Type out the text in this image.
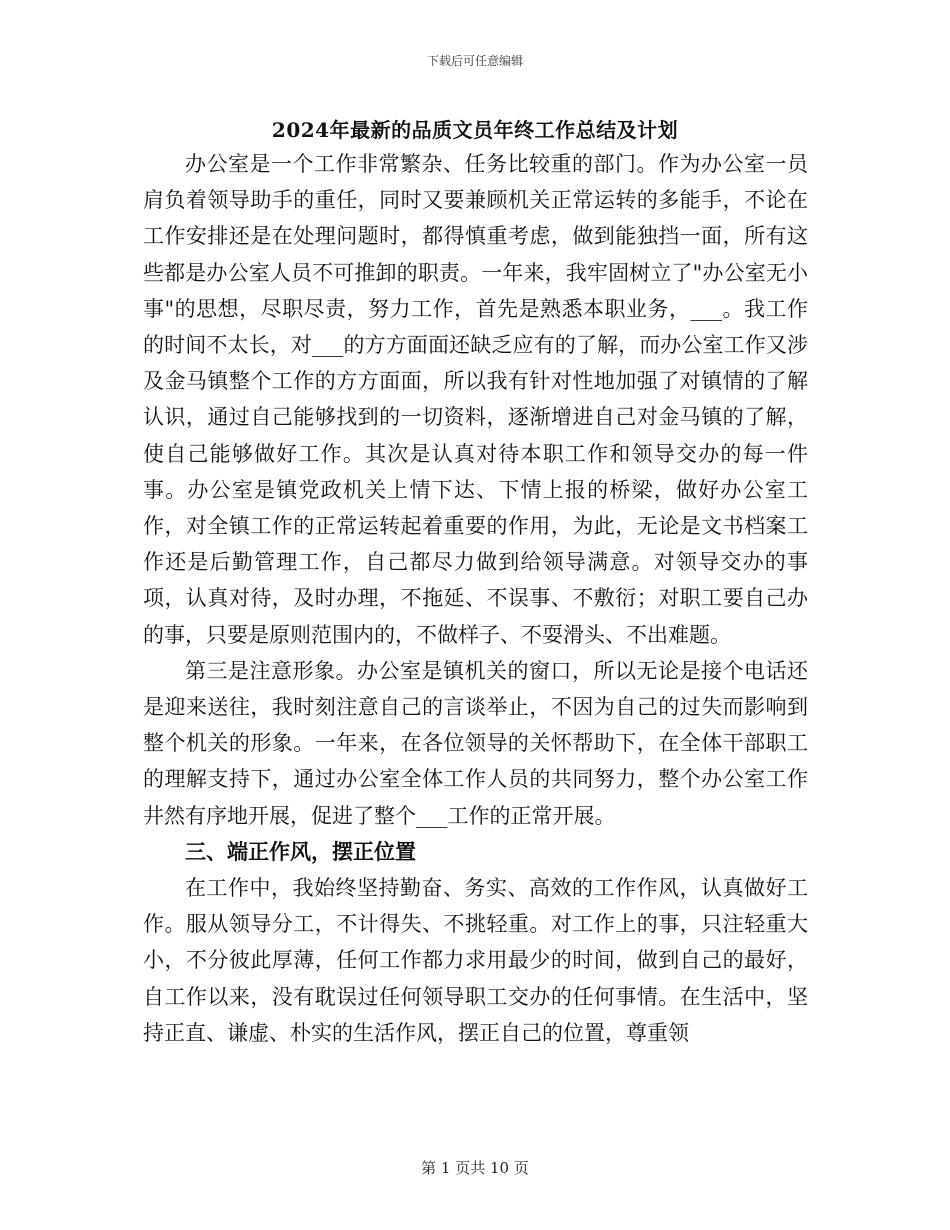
下载后可任意编辑
2024年最新的品质文员年终工作总结及计划

办公室是一个工作非常繁杂、任务比较重的部门。作为办公室一员肩负着领导助手的重任，同时又要兼顾机关正常运转的多能手，不论在工作安排还是在处理问题时，都得慎重考虑，做到能独挡一面，所有这些都是办公室人员不可推卸的职责。一年来，我牢固树立了"办公室无小事"的思想，尽职尽责，努力工作，首先是熟悉本职业务，___。我工作的时间不太长，对___的方方面面还缺乏应有的了解，而办公室工作又涉及金马镇整个工作的方方面面，所以我有针对性地加强了对镇情的了解认识，通过自己能够找到的一切资料，逐渐增进自己对金马镇的了解，使自己能够做好工作。其次是认真对待本职工作和领导交办的每一件事。办公室是镇党政机关上情下达、下情上报的桥梁，做好办公室工作，对全镇工作的正常运转起着重要的作用，为此，无论是文书档案工作还是后勤管理工作，自己都尽力做到给领导满意。对领导交办的事项，认真对待，及时办理，不拖延、不误事、不敷衍；对职工要自己办的事，只要是原则范围内的，不做样子、不耍滑头、不出难题。

第三是注意形象。办公室是镇机关的窗口，所以无论是接个电话还是迎来送往，我时刻注意自己的言谈举止，不因为自己的过失而影响到整个机关的形象。一年来，在各位领导的关怀帮助下，在全体干部职工的理解支持下，通过办公室全体工作人员的共同努力，整个办公室工作井然有序地开展，促进了整个___工作的正常开展。

三、端正作风，摆正位置

在工作中，我始终坚持勤奋、务实、高效的工作作风，认真做好工作。服从领导分工，不计得失、不挑轻重。对工作上的事，只注轻重大小，不分彼此厚薄，任何工作都力求用最少的时间，做到自己的最好，自工作以来，没有耽误过任何领导职工交办的任何事情。在生活中，坚持正直、谦虚、朴实的生活作风，摆正自己的位置，尊重领

第 1 页共 10 页
